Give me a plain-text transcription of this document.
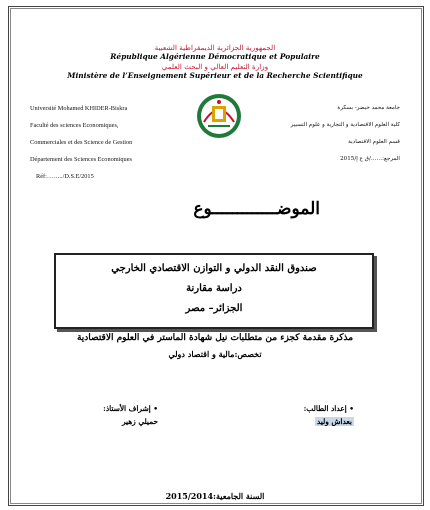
الجمهورية الجزائرية الديمقراطية الشعبية
République Algérienne Démocratique et Populaire
وزارة التعليم العالي و البحث العلمي
Ministère de l’Enseignement Supérieur et de la Recherche Scientifique
Université Mohamed KHIDER-Biskra
Faculté des sciences Economiques,
Commerciales et des Science de Gestion
Département des Sciences Economiques
Réf:……../D.S.E/2015
جامعة محمد خيضر- بسكرة
كلية العلوم الاقتصادية و التجارية و علوم التسيير
قسم العلوم الاقتصادية
المرجع:……/ق ع إ/2015
الموضـــــــــــــوع
صندوق النقد الدولي و التوازن الاقتصادي الخارجي
دراسة مقارنة
الجزائر– مصر
مذكرة مقدمة كجزء من متطلبات نيل شهادة الماستر في العلوم الاقتصادية
تخصص:مالية و اقتصاد دولي
• إعداد الطالب:
بعداش وليد
• إشراف الأستاذ:
حميلي زهير
السنة الجامعية:2015/2014
